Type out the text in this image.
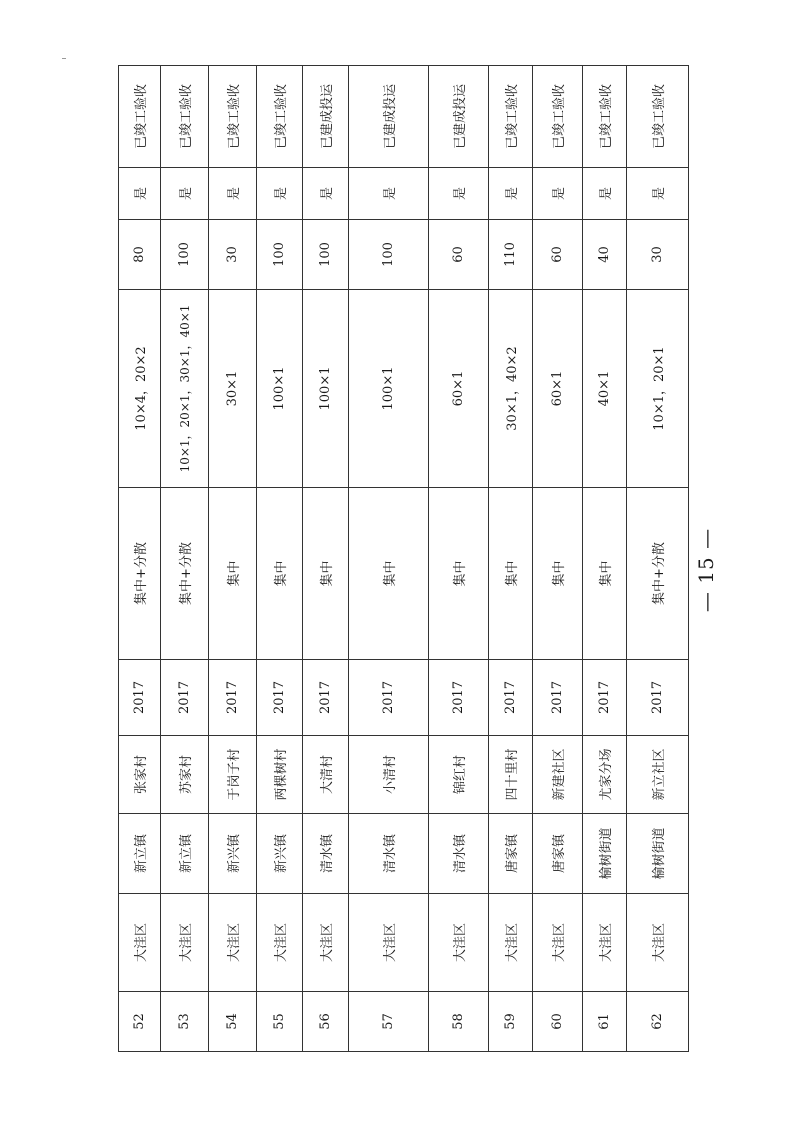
52	大洼区	新立镇	张家村	2017	集中+分散	10×4，20×2	80	是	已竣工验收
53	大洼区	新立镇	苏家村	2017	集中+分散	10×1，20×1，30×1，40×1	100	是	已竣工验收
54	大洼区	新兴镇	于岗子村	2017	集中	30×1	30	是	已竣工验收
55	大洼区	新兴镇	两棵树村	2017	集中	100×1	100	是	已竣工验收
56	大洼区	清水镇	大清村	2017	集中	100×1	100	是	已建成投运
57	大洼区	清水镇	小清村	2017	集中	100×1	100	是	已建成投运
58	大洼区	清水镇	锦红村	2017	集中	60×1	60	是	已建成投运
59	大洼区	唐家镇	四十里村	2017	集中	30×1，40×2	110	是	已竣工验收
60	大洼区	唐家镇	新建社区	2017	集中	60×1	60	是	已竣工验收
61	大洼区	榆树街道	尤家分场	2017	集中	40×1	40	是	已竣工验收
62	大洼区	榆树街道	新立社区	2017	集中+分散	10×1，20×1	30	是	已竣工验收
— 15 —
